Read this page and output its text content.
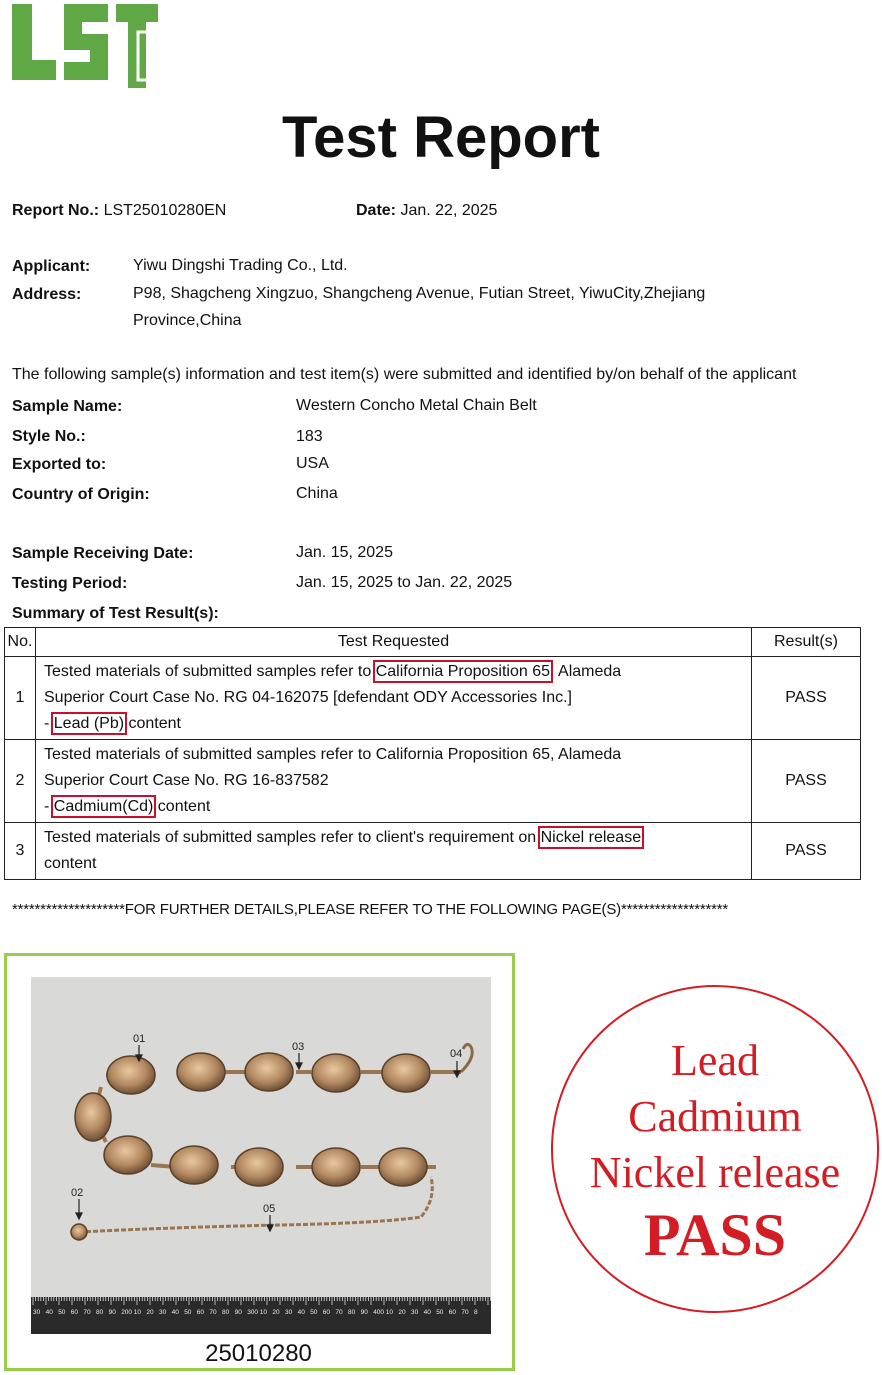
Test Report
Report No.: LST25010280EN	Date: Jan. 22, 2025
Applicant:	Yiwu Dingshi Trading Co., Ltd.
Address:	P98, Shagcheng Xingzuo, Shangcheng Avenue, Futian Street, YiwuCity,Zhejiang
Province,China
The following sample(s) information and test item(s) were submitted and identified by/on behalf of the applicant
Sample Name:	Western Concho Metal Chain Belt
Style No.:	183
Exported to:	USA
Country of Origin:	China
Sample Receiving Date:	Jan. 15, 2025
Testing Period:	Jan. 15, 2025 to Jan. 22, 2025
Summary of Test Result(s):
No.	Test Requested	Result(s)
1	Tested materials of submitted samples refer to California Proposition 65, Alameda
Superior Court Case No. RG 04-162075 [defendant ODY Accessories Inc.]
- Lead (Pb) content	PASS
2	Tested materials of submitted samples refer to California Proposition 65, Alameda
Superior Court Case No. RG 16-837582
- Cadmium(Cd) content	PASS
3	Tested materials of submitted samples refer to client's requirement on Nickel release
content	PASS
********************FOR FURTHER DETAILS,PLEASE REFER TO THE FOLLOWING PAGE(S)*******************
01
02
03
04
05
30 40 50 60 70 80 90 200 10 20 30 40 50 60 70 80 90 300 10 20 30 40 50 60 70 80 90 400 10 20 30 40 50 60 70 8
25010280
Lead
Cadmium
Nickel release
PASS
